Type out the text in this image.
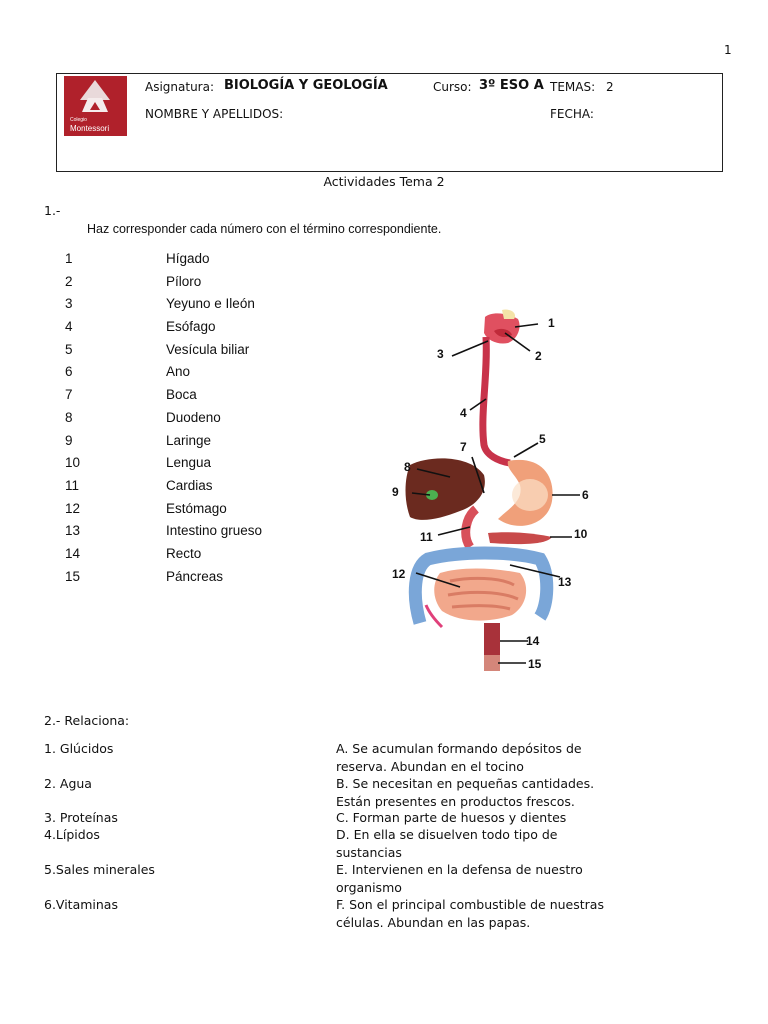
1
Colegio
Montessori
Asignatura: BIOLOGÍA Y GEOLOGÍA	Curso: 3º ESO A TEMAS: 2
NOMBRE Y APELLIDOS:	FECHA:
Actividades Tema 2
1.-
Haz corresponder cada número con el término correspondiente.
1
2
3
4
5
6
7
8
9
10
11
12
13
14
15
Hígado
Píloro
Yeyuno e Ileón
Esófago
Vesícula biliar
Ano
Boca
Duodeno
Laringe
Lengua
Cardias
Estómago
Intestino grueso
Recto
Páncreas
1
2
3
4
5
6
7
8
9
10
11
12
13
14
15
2.- Relaciona:
1. Glúcidos
2. Agua
3. Proteínas
4.Lípidos
5.Sales minerales
6.Vitaminas
A. Se acumulan formando depósitos de
reserva. Abundan en el tocino
B. Se necesitan en pequeñas cantidades.
Están presentes en productos frescos.
C. Forman parte de huesos y dientes
D. En ella se disuelven todo tipo de
sustancias
E. Intervienen en la defensa de nuestro
organismo
F. Son el principal combustible de nuestras
células. Abundan en las papas.
